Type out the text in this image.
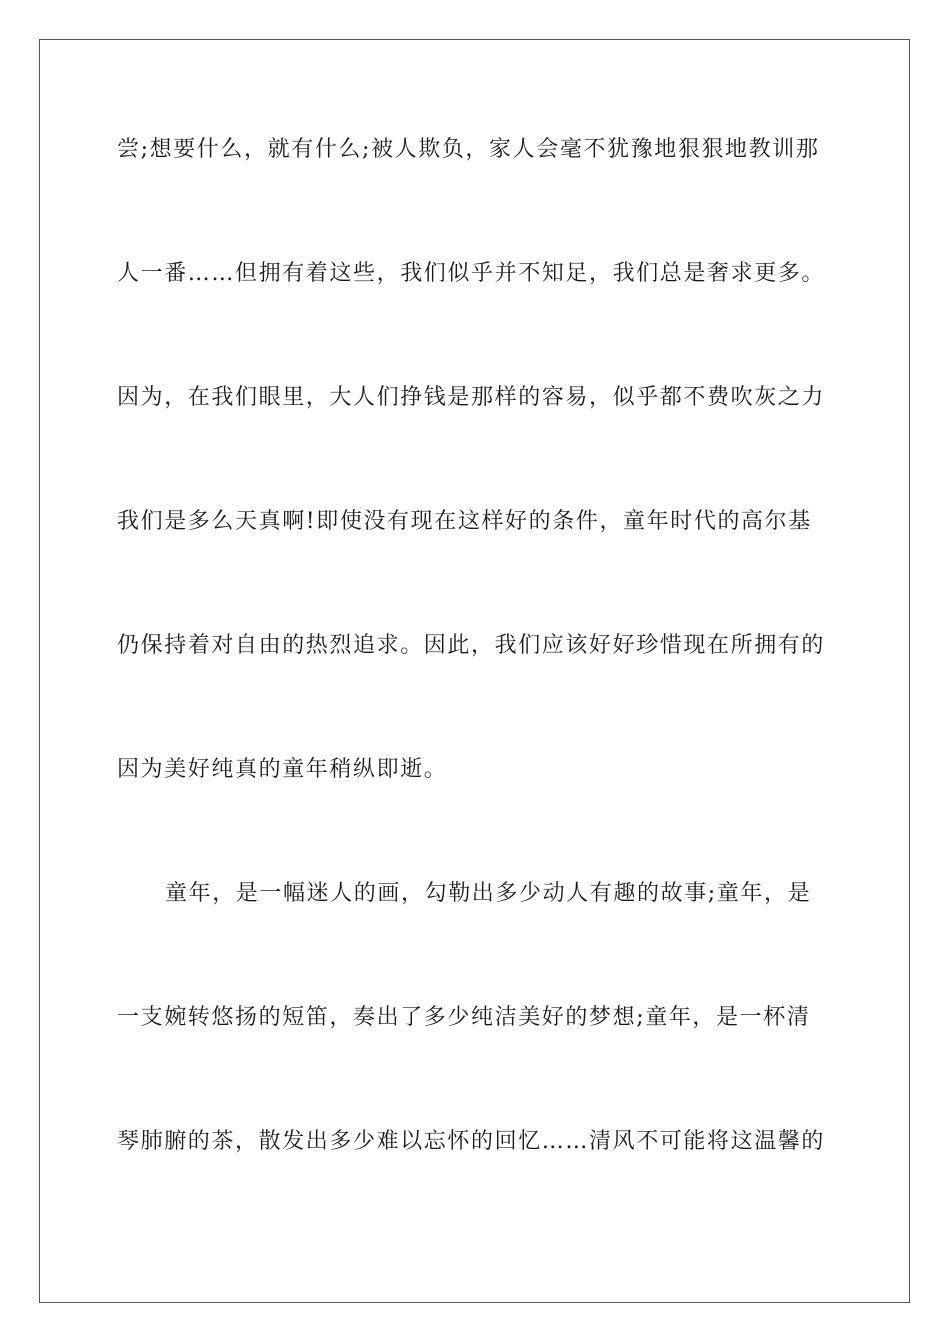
尝;想要什么，就有什么;被人欺负，家人会毫不犹豫地狠狠地教训那
人一番……但拥有着这些，我们似乎并不知足，我们总是奢求更多。
因为，在我们眼里，大人们挣钱是那样的容易，似乎都不费吹灰之力
我们是多么天真啊!即使没有现在这样好的条件，童年时代的高尔基
仍保持着对自由的热烈追求。因此，我们应该好好珍惜现在所拥有的
因为美好纯真的童年稍纵即逝。
童年，是一幅迷人的画，勾勒出多少动人有趣的故事;童年，是
一支婉转悠扬的短笛，奏出了多少纯洁美好的梦想;童年，是一杯清
琴肺腑的茶，散发出多少难以忘怀的回忆……清风不可能将这温馨的
